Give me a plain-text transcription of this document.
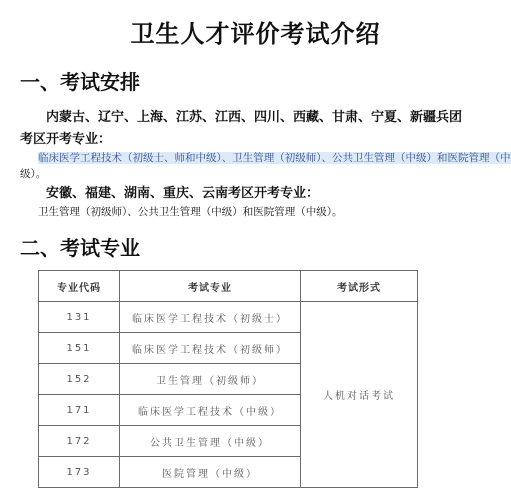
卫生人才评价考试介绍
一、考试安排
内蒙古、辽宁、上海、江苏、江西、四川、西藏、甘肃、宁夏、新疆兵团
考区开考专业：
临床医学工程技术（初级士、师和中级）、卫生管理（初级师）、公共卫生管理（中级）和医院管理（中
级）。
安徽、福建、湖南、重庆、云南考区开考专业：
卫生管理（初级师）、公共卫生管理（中级）和医院管理（中级）。
二、考试专业
专业代码	考试专业	考试形式
131	临床医学工程技术（初级士）	人机对话考试
151	临床医学工程技术（初级师）	
152	卫生管理（初级师）	
171	临床医学工程技术（中级）	
172	公共卫生管理（中级）	
173	医院管理（中级）	
